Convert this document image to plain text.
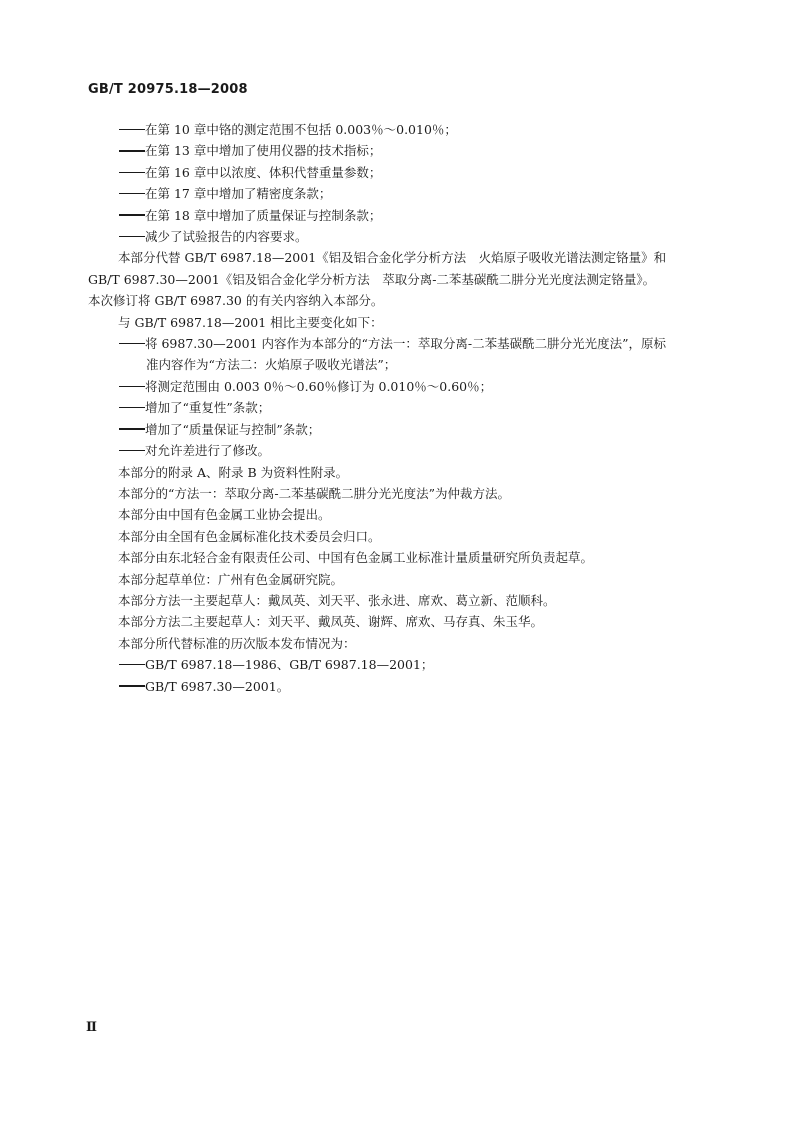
GB/T 20975.18—2008
在第 10 章中铬的测定范围不包括 0.003％～0.010％；
在第 13 章中增加了使用仪器的技术指标；
在第 16 章中以浓度、体积代替重量参数；
在第 17 章中增加了精密度条款；
在第 18 章中增加了质量保证与控制条款；
减少了试验报告的内容要求。
本部分代替 GB/T 6987.18—2001《铝及铝合金化学分析方法　火焰原子吸收光谱法测定铬量》和
GB/T 6987.30—2001《铝及铝合金化学分析方法　萃取分离-二苯基碳酰二肼分光光度法测定铬量》。
本次修订将 GB/T 6987.30 的有关内容纳入本部分。
与 GB/T 6987.18—2001 相比主要变化如下：
将 6987.30—2001 内容作为本部分的“方法一：萃取分离-二苯基碳酰二肼分光光度法”，原标
准内容作为“方法二：火焰原子吸收光谱法”；
将测定范围由 0.003 0％～0.60％修订为 0.010％～0.60％；
增加了“重复性”条款；
增加了“质量保证与控制”条款；
对允许差进行了修改。
本部分的附录 A、附录 B 为资料性附录。
本部分的“方法一：萃取分离-二苯基碳酰二肼分光光度法”为仲裁方法。
本部分由中国有色金属工业协会提出。
本部分由全国有色金属标准化技术委员会归口。
本部分由东北轻合金有限责任公司、中国有色金属工业标准计量质量研究所负责起草。
本部分起草单位：广州有色金属研究院。
本部分方法一主要起草人：戴凤英、刘天平、张永进、席欢、葛立新、范顺科。
本部分方法二主要起草人：刘天平、戴凤英、谢辉、席欢、马存真、朱玉华。
本部分所代替标准的历次版本发布情况为：
GB/T 6987.18—1986、GB/T 6987.18—2001；
GB/T 6987.30—2001。
Ⅱ
